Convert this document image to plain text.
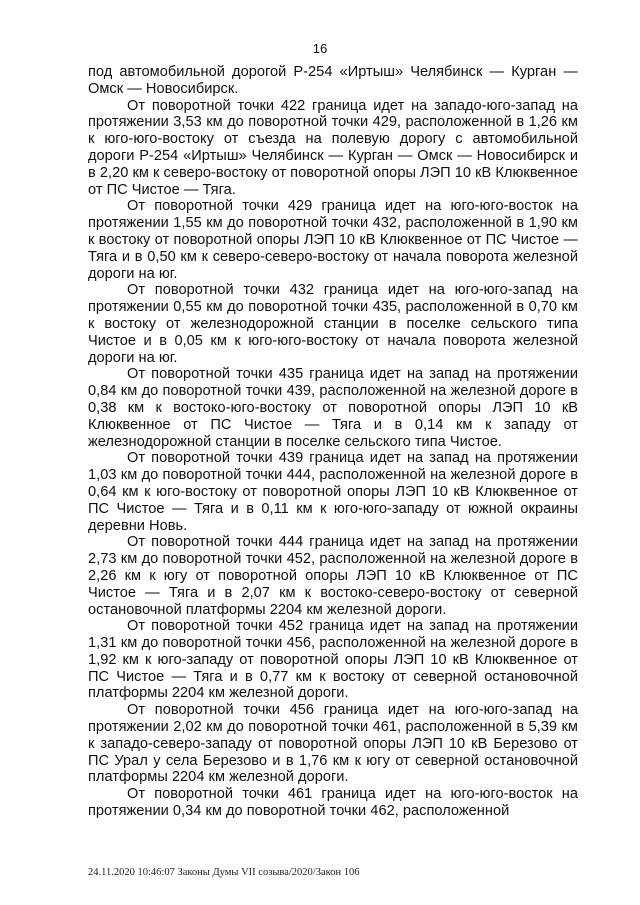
16

под автомобильной дорогой Р-254 «Иртыш» Челябинск — Курган — Омск — Новосибирск.

От поворотной точки 422 граница идет на западо-юго-запад на протяжении 3,53 км до поворотной точки 429, расположенной в 1,26 км к юго-юго-востоку от съезда на полевую дорогу с автомобильной дороги Р-254 «Иртыш» Челябинск — Курган — Омск — Новосибирск и в 2,20 км к северо-востоку от поворотной опоры ЛЭП 10 кВ Клюквенное от ПС Чистое — Тяга.

От поворотной точки 429 граница идет на юго-юго-восток на протяжении 1,55 км до поворотной точки 432, расположенной в 1,90 км к востоку от поворотной опоры ЛЭП 10 кВ Клюквенное от ПС Чистое — Тяга и в 0,50 км к северо-северо-востоку от начала поворота железной дороги на юг.

От поворотной точки 432 граница идет на юго-юго-запад на протяжении 0,55 км до поворотной точки 435, расположенной в 0,70 км к востоку от железнодорожной станции в поселке сельского типа Чистое и в 0,05 км к юго-юго-востоку от начала поворота железной дороги на юг.

От поворотной точки 435 граница идет на запад на протяжении 0,84 км до поворотной точки 439, расположенной на железной дороге в 0,38 км к востоко-юго-востоку от поворотной опоры ЛЭП 10 кВ Клюквенное от ПС Чистое — Тяга и в 0,14 км к западу от железнодорожной станции в поселке сельского типа Чистое.

От поворотной точки 439 граница идет на запад на протяжении 1,03 км до поворотной точки 444, расположенной на железной дороге в 0,64 км к юго-востоку от поворотной опоры ЛЭП 10 кВ Клюквенное от ПС Чистое — Тяга и в 0,11 км к юго-юго-западу от южной окраины деревни Новь.

От поворотной точки 444 граница идет на запад на протяжении 2,73 км до поворотной точки 452, расположенной на железной дороге в 2,26 км к югу от поворотной опоры ЛЭП 10 кВ Клюквенное от ПС Чистое — Тяга и в 2,07 км к востоко-северо-востоку от северной остановочной платформы 2204 км железной дороги.

От поворотной точки 452 граница идет на запад на протяжении 1,31 км до поворотной точки 456, расположенной на железной дороге в 1,92 км к юго-западу от поворотной опоры ЛЭП 10 кВ Клюквенное от ПС Чистое — Тяга и в 0,77 км к востоку от северной остановочной платформы 2204 км железной дороги.

От поворотной точки 456 граница идет на юго-юго-запад на протяжении 2,02 км до поворотной точки 461, расположенной в 5,39 км к западо-северо-западу от поворотной опоры ЛЭП 10 кВ Березово от ПС Урал у села Березово и в 1,76 км к югу от северной остановочной платформы 2204 км железной дороги.

От поворотной точки 461 граница идет на юго-юго-восток на протяжении 0,34 км до поворотной точки 462, расположенной

24.11.2020 10:46:07 Законы Думы VII созыва/2020/Закон 106
